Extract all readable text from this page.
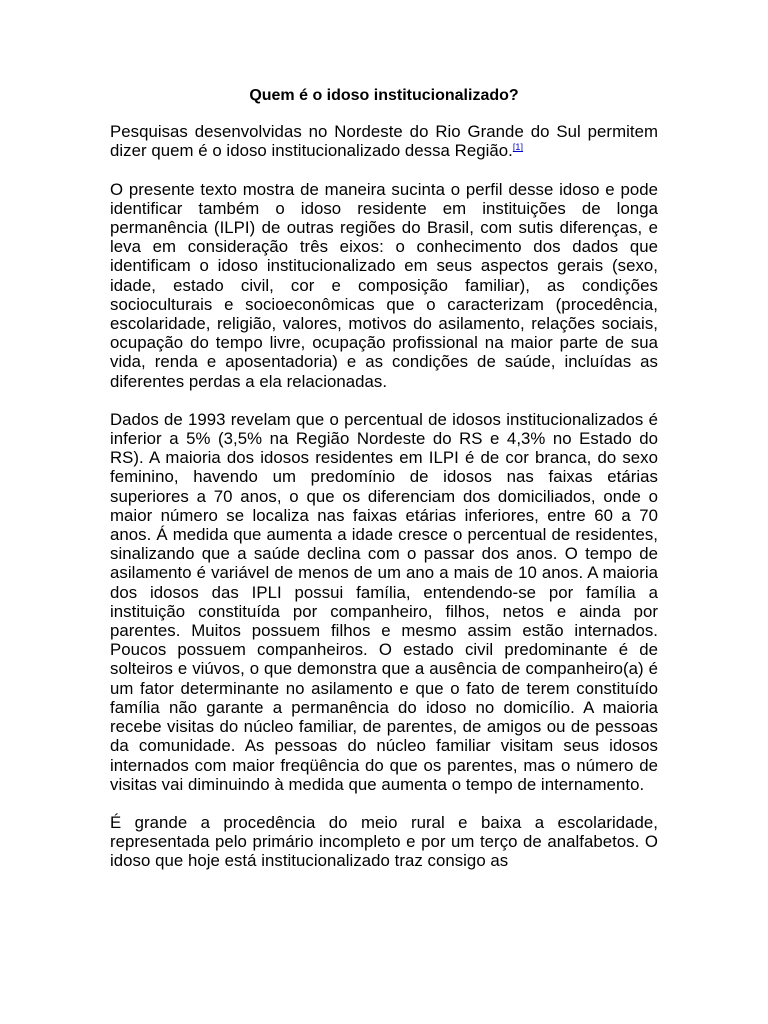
Quem é o idoso institucionalizado?

Pesquisas desenvolvidas no Nordeste do Rio Grande do Sul permitem dizer quem é o idoso institucionalizado dessa Região.[1]

O presente texto mostra de maneira sucinta o perfil desse idoso e pode identificar também o idoso residente em instituições de longa permanência (ILPI) de outras regiões do Brasil, com sutis diferenças, e leva em consideração três eixos: o conhecimento dos dados que identificam o idoso institucionalizado em seus aspectos gerais (sexo, idade, estado civil, cor e composição familiar), as condições socioculturais e socioeconômicas que o caracterizam (procedência, escolaridade, religião, valores, motivos do asilamento, relações sociais, ocupação do tempo livre, ocupação profissional na maior parte de sua vida, renda e aposentadoria) e as condições de saúde, incluídas as diferentes perdas a ela relacionadas.

Dados de 1993 revelam que o percentual de idosos institucionalizados é inferior a 5% (3,5% na Região Nordeste do RS e 4,3% no Estado do RS). A maioria dos idosos residentes em ILPI é de cor branca, do sexo feminino, havendo um predomínio de idosos nas faixas etárias superiores a 70 anos, o que os diferenciam dos domiciliados, onde o maior número se localiza nas faixas etárias inferiores, entre 60 a 70 anos. Á medida que aumenta a idade cresce o percentual de residentes, sinalizando que a saúde declina com o passar dos anos. O tempo de asilamento é variável de menos de um ano a mais de 10 anos. A maioria dos idosos das IPLI possui família, entendendo-se por família a instituição constituída por companheiro, filhos, netos e ainda por parentes. Muitos possuem filhos e mesmo assim estão internados. Poucos possuem companheiros. O estado civil predominante é de solteiros e viúvos, o que demonstra que a ausência de companheiro(a) é um fator determinante no asilamento e que o fato de terem constituído família não garante a permanência do idoso no domicílio. A maioria recebe visitas do núcleo familiar, de parentes, de amigos ou de pessoas da comunidade. As pessoas do núcleo familiar visitam seus idosos internados com maior freqüência do que os parentes, mas o número de visitas vai diminuindo à medida que aumenta o tempo de internamento.

É grande a procedência do meio rural e baixa a escolaridade, representada pelo primário incompleto e por um terço de analfabetos. O idoso que hoje está institucionalizado traz consigo as
